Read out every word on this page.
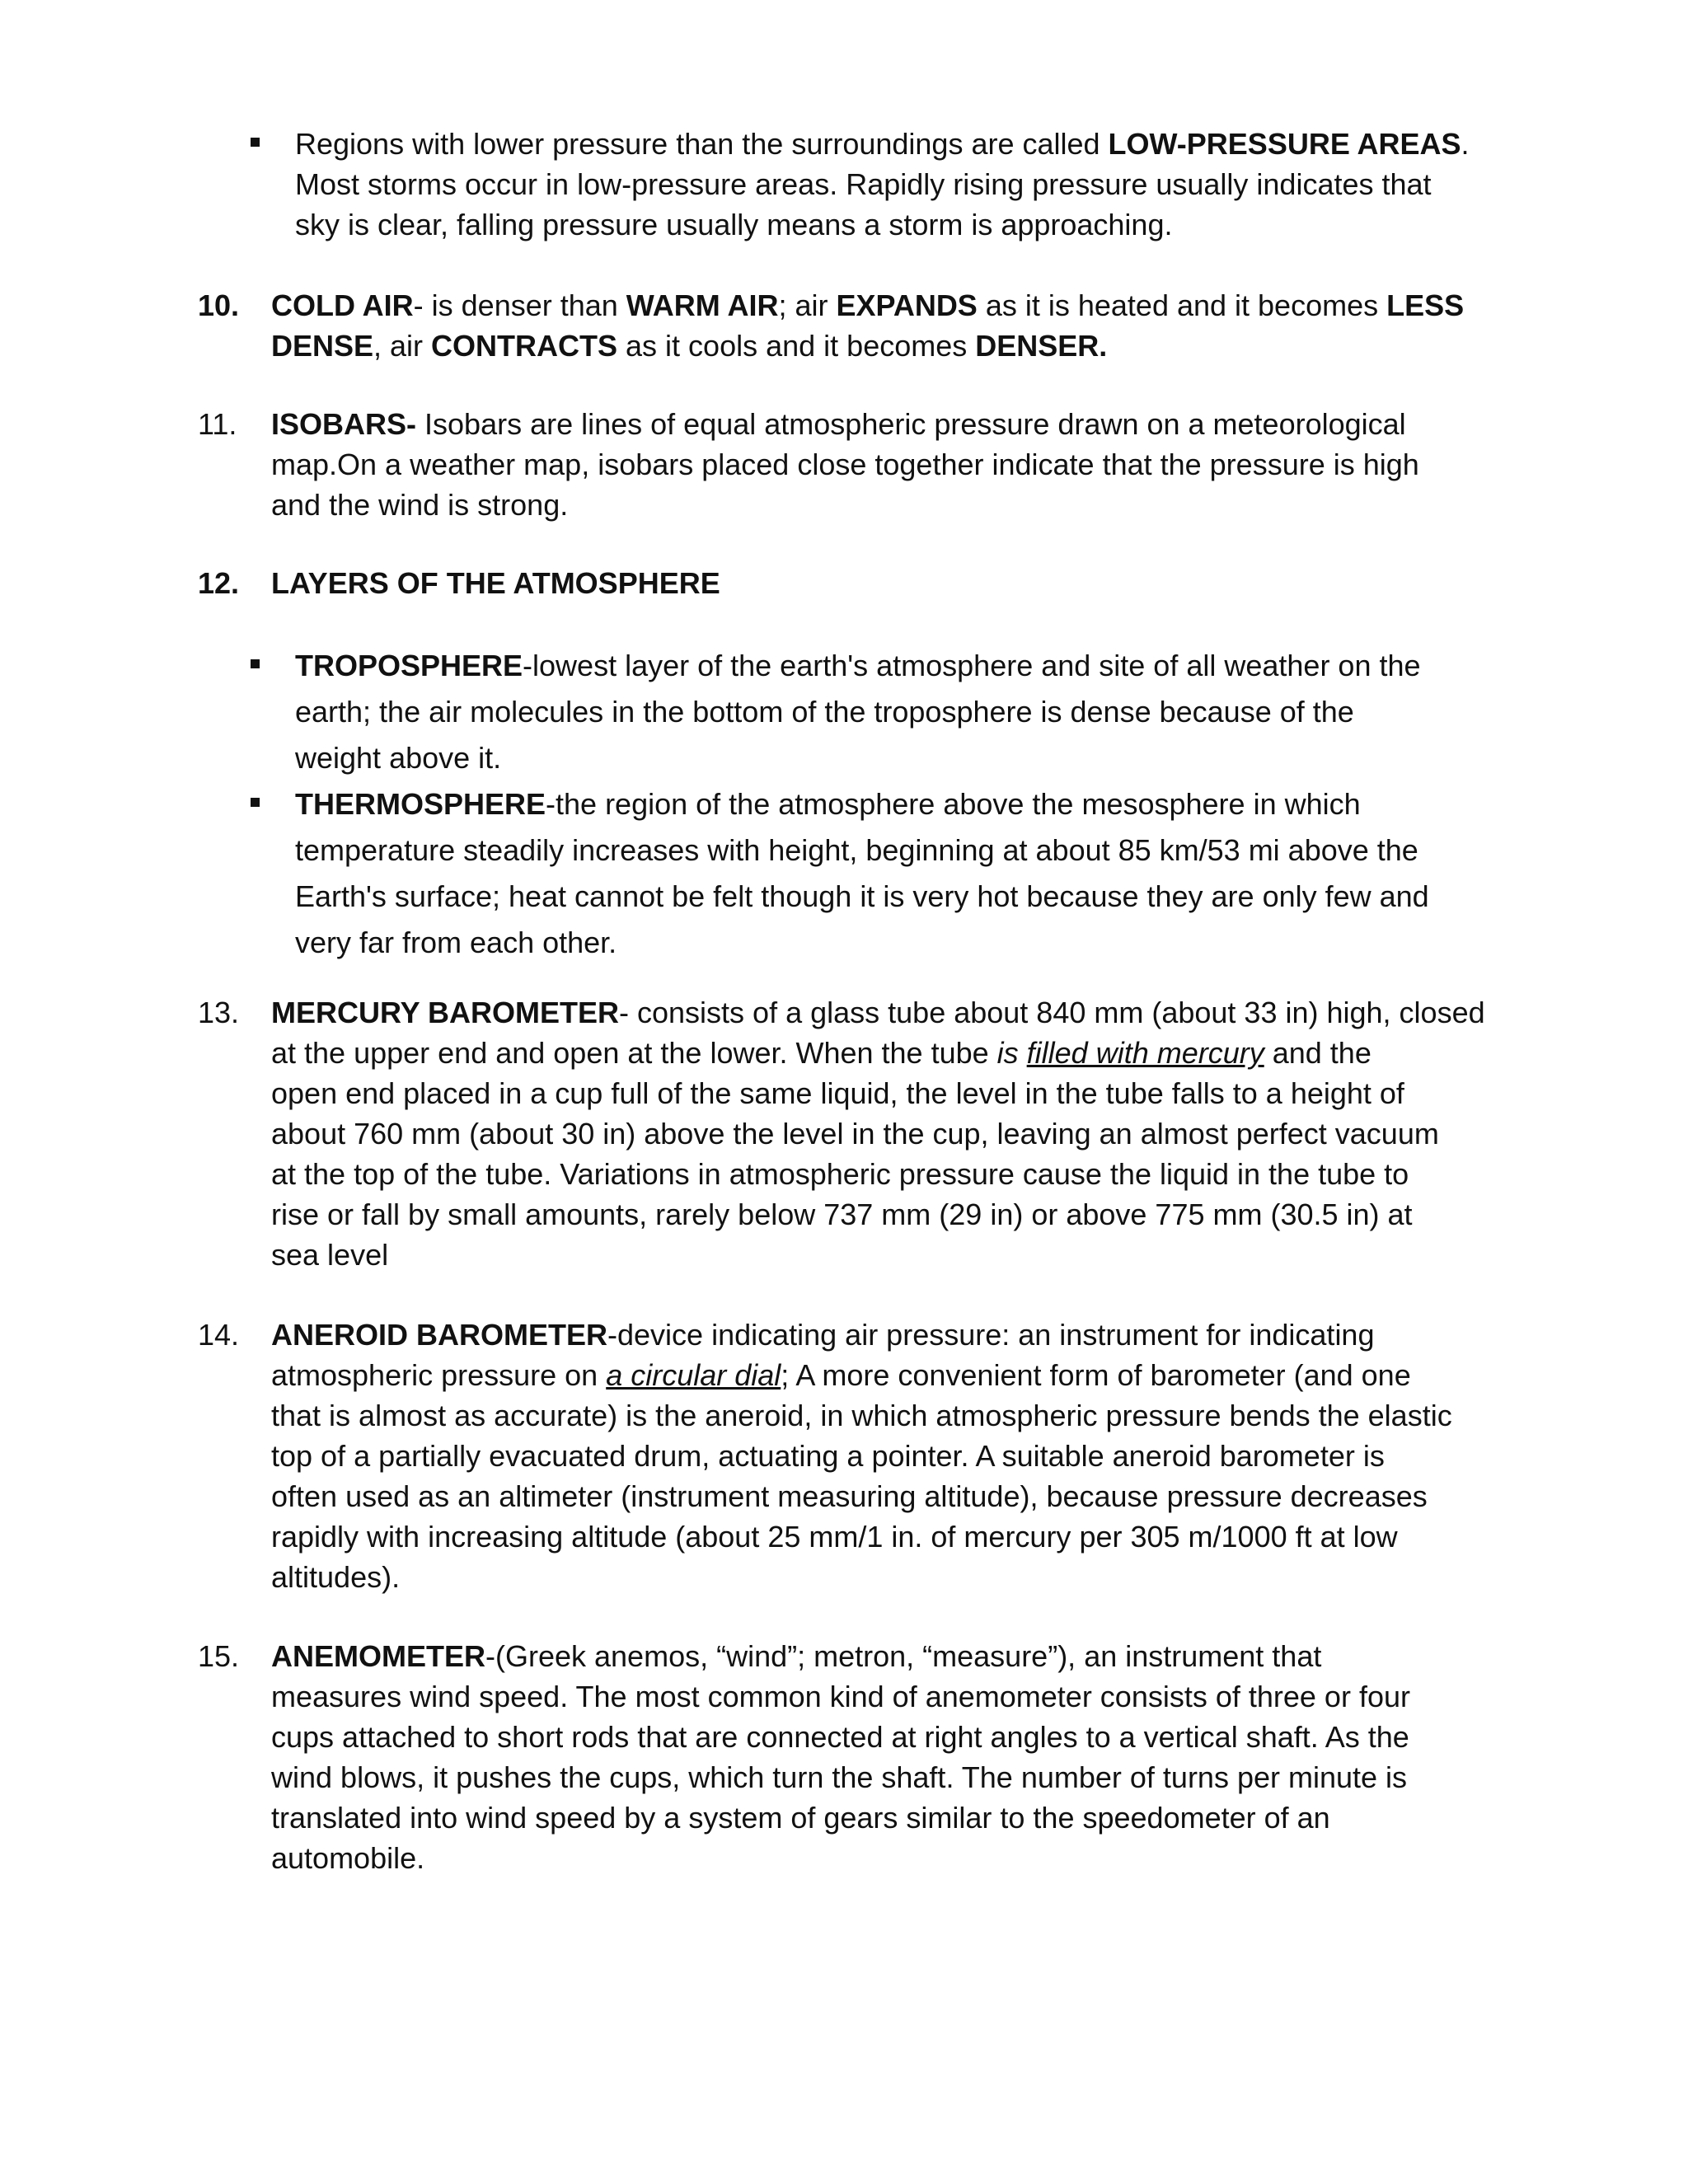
Regions with lower pressure than the surroundings are called LOW-PRESSURE AREAS.
Most storms occur in low-pressure areas. Rapidly rising pressure usually indicates that
sky is clear, falling pressure usually means a storm is approaching.
10. COLD AIR- is denser than WARM AIR; air EXPANDS as it is heated and it becomes LESS
DENSE, air CONTRACTS as it cools and it becomes DENSER.
11. ISOBARS- Isobars are lines of equal atmospheric pressure drawn on a meteorological
map.On a weather map, isobars placed close together indicate that the pressure is high
and the wind is strong.
12. LAYERS OF THE ATMOSPHERE
TROPOSPHERE-lowest layer of the earth's atmosphere and site of all weather on the
earth; the air molecules in the bottom of the troposphere is dense because of the
weight above it.
THERMOSPHERE-the region of the atmosphere above the mesosphere in which
temperature steadily increases with height, beginning at about 85 km/53 mi above the
Earth's surface; heat cannot be felt though it is very hot because they are only few and
very far from each other.
13. MERCURY BAROMETER- consists of a glass tube about 840 mm (about 33 in) high, closed
at the upper end and open at the lower. When the tube is filled with mercury and the
open end placed in a cup full of the same liquid, the level in the tube falls to a height of
about 760 mm (about 30 in) above the level in the cup, leaving an almost perfect vacuum
at the top of the tube. Variations in atmospheric pressure cause the liquid in the tube to
rise or fall by small amounts, rarely below 737 mm (29 in) or above 775 mm (30.5 in) at
sea level
14. ANEROID BAROMETER-device indicating air pressure: an instrument for indicating
atmospheric pressure on a circular dial; A more convenient form of barometer (and one
that is almost as accurate) is the aneroid, in which atmospheric pressure bends the elastic
top of a partially evacuated drum, actuating a pointer. A suitable aneroid barometer is
often used as an altimeter (instrument measuring altitude), because pressure decreases
rapidly with increasing altitude (about 25 mm/1 in. of mercury per 305 m/1000 ft at low
altitudes).
15. ANEMOMETER-(Greek anemos, “wind”; metron, “measure”), an instrument that
measures wind speed. The most common kind of anemometer consists of three or four
cups attached to short rods that are connected at right angles to a vertical shaft. As the
wind blows, it pushes the cups, which turn the shaft. The number of turns per minute is
translated into wind speed by a system of gears similar to the speedometer of an
automobile.
